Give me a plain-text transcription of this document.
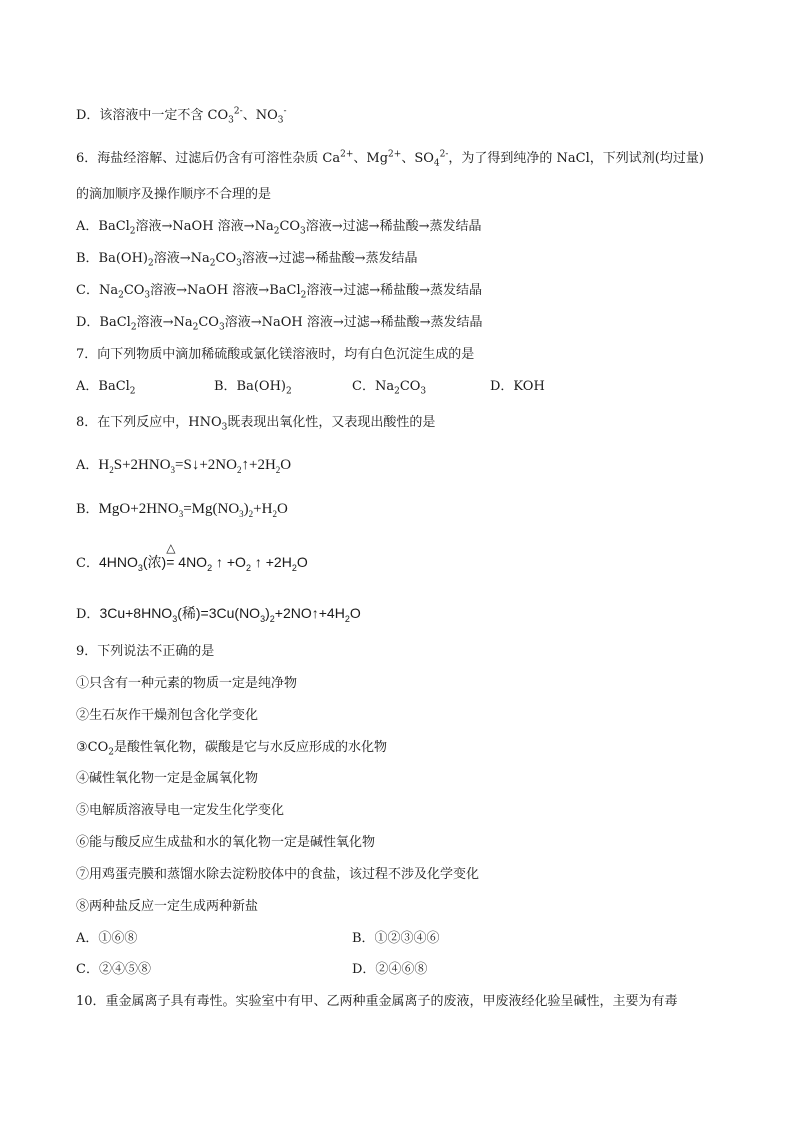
D．该溶液中一定不含 $CO_3^{2-}$、$NO_3^-$
6．海盐经溶解、过滤后仍含有可溶性杂质 $Ca^{2+}$、$Mg^{2+}$、$SO_4^{2-}$，为了得到纯净的 NaCl，下列试剂(均过量)
的滴加顺序及操作顺序不合理的是
A．BaCl$_2$溶液→NaOH 溶液$\to Na_2CO_3$溶液→过滤→稀盐酸→蒸发结晶
B．$Ba(OH)_2$溶液$\to Na_2CO_3$溶液→过滤→稀盐酸→蒸发结晶
C．$Na_2CO_3$溶液→NaOH 溶液→BaCl$_2$溶液→过滤→稀盐酸→蒸发结晶
D．BaCl$_2$溶液$\to Na_2CO_3$溶液→NaOH 溶液→过滤→稀盐酸→蒸发结晶
7．向下列物质中滴加稀硫酸或氯化镁溶液时，均有白色沉淀生成的是
A．BaCl$_2$	B．$Ba(OH)_2$	C．$Na_2CO_3$	D．KOH
8．在下列反应中，$HNO_3$既表现出氧化性，又表现出酸性的是
A．$H_2S+2HNO_3=S↓+2NO_2↑+2H_2O$
B．$MgO+2HNO_3=Mg(NO_3)_2+H_2O$
C．$4HNO_3$(浓)
△
= $4NO_2$ ↑ $+O_2$ ↑ $+2H_2O$
D．$3Cu+8HNO_3$(稀)$=3Cu(NO_3)_2+2NO↑+4H_2O$
9．下列说法不正确的是
①只含有一种元素的物质一定是纯净物
②生石灰作干燥剂包含化学变化
$③CO_2$是酸性氧化物，碳酸是它与水反应形成的水化物
④碱性氧化物一定是金属氧化物
⑤电解质溶液导电一定发生化学变化
⑥能与酸反应生成盐和水的氧化物一定是碱性氧化物
⑦用鸡蛋壳膜和蒸馏水除去淀粉胶体中的食盐，该过程不涉及化学变化
⑧两种盐反应一定生成两种新盐
A．①⑥⑧	B．①②③④⑥
C．②④⑤⑧	D．②④⑥⑧
10．重金属离子具有毒性。实验室中有甲、乙两种重金属离子的废液，甲废液经化验呈碱性，主要为有毒
